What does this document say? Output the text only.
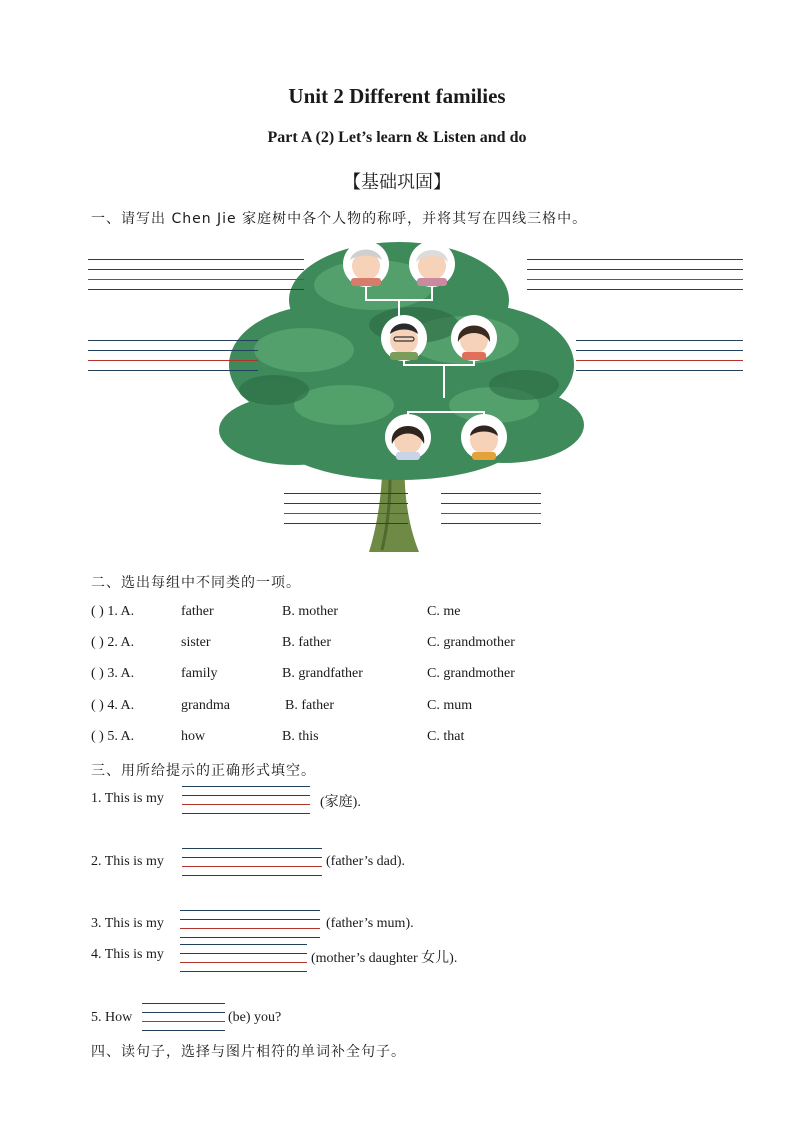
Unit 2 Different families
Part A (2) Let’s learn & Listen and do
【基础巩固】
一、请写出 Chen Jie 家庭树中各个人物的称呼，并将其写在四线三格中。
二、选出每组中不同类的一项。
( ) 1. A.	father	B. mother	C. me
( ) 2. A.	sister	B. father	C. grandmother
( ) 3. A.	family	B. grandfather	C. grandmother
( ) 4. A.	grandma	B. father	C. mum
( ) 5. A.	how	B. this	C. that
三、用所给提示的正确形式填空。
1. This is my	(家庭).
2. This is my	(father’s dad).
3. This is my	(father’s mum).
4. This is my	(mother’s daughter 女儿).
5. How	(be) you?
四、读句子，选择与图片相符的单词补全句子。
